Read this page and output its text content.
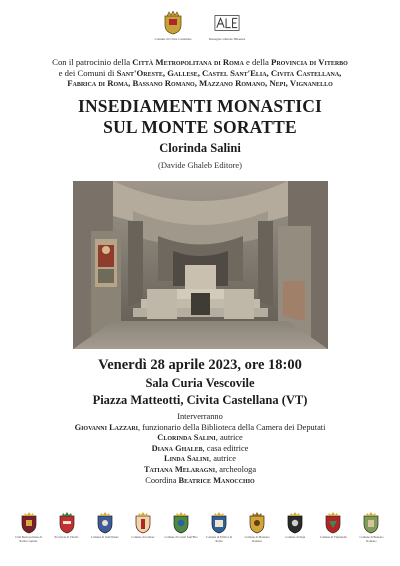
Comune di Civita Castellana	Rassegna culturale Halaesus
Con il patrocinio della Città Metropolitana di Roma e della Provincia di Viterbo
e dei Comuni di Sant'Oreste, Gallese, Castel Sant'Elia, Civita Castellana,
Fabrica di Roma, Bassano Romano, Mazzano Romano, Nepi, Vignanello
INSEDIAMENTI MONASTICI
SUL MONTE SORATTE
Clorinda Salini
(Davide Ghaleb Editore)
Venerdì 28 aprile 2023, ore 18:00
Sala Curia Vescovile
Piazza Matteotti, Civita Castellana (VT)
Interverranno
Giovanni Lazzari, funzionario della Biblioteca della Camera dei Deputati
Clorinda Salini, autrice
Diana Ghaleb, casa editrice
Linda Salini, autrice
Tatiana Melaragni, archeologa
Coordina Beatrice Manocchio
Città Metropolitana di Roma Capitale
Provincia di Viterbo	Comune di Sant'Oreste	Comune di Gallese	Comune di Castel Sant'Elia	Comune di Fabrica di Roma
Comune di Mazzano Romano
Comune di Nepi	Comune di Vignanello	Comune di Bassano Romano
